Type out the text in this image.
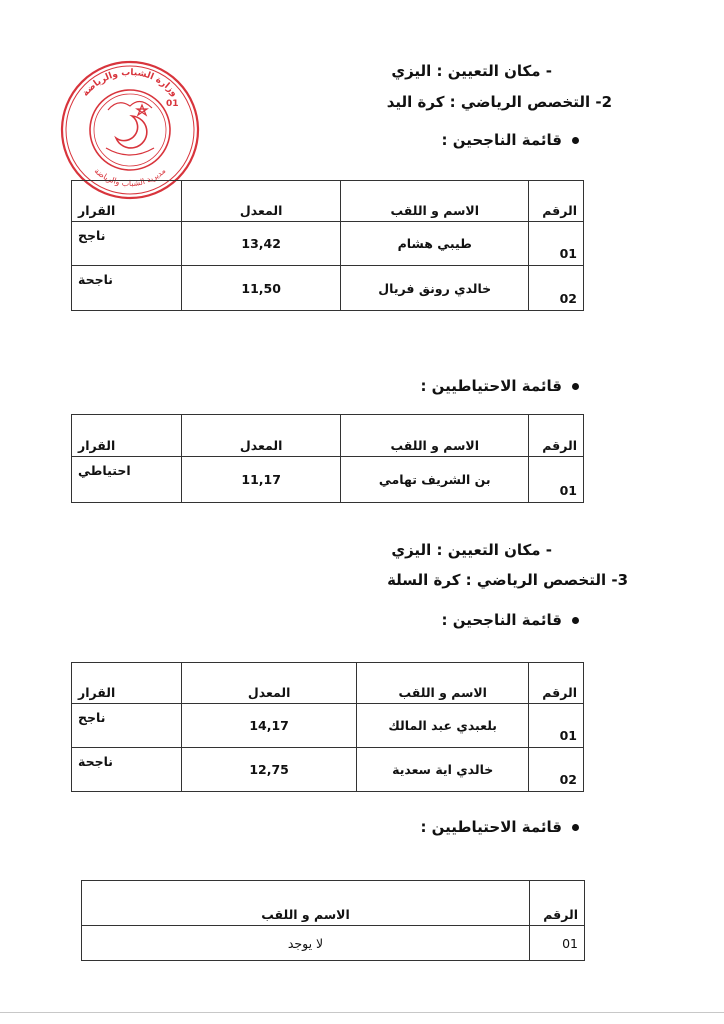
وزارة الشباب والرياضة
مديرية الشباب والرياضة
01
- مكان التعيين : اليزي
2- التخصص الرياضي : كرة اليد
قائمة الناجحين :
الرقم	الاسم و اللقب	المعدل	القرار
01	طيبي هشام	13,42	ناجح
02	خالدي رونق فريال	11,50	ناجحة
قائمة الاحتياطيين :
الرقم	الاسم و اللقب	المعدل	القرار
01	بن الشريف تهامي	11,17	احتياطي
- مكان التعيين : اليزي
3- التخصص الرياضي : كرة السلة
قائمة الناجحين :
الرقم	الاسم و اللقب	المعدل	القرار
01	بلعبدي عبد المالك	14,17	ناجح
02	خالدي اية سعدية	12,75	ناجحة
قائمة الاحتياطيين :
الرقم	الاسم و اللقب
01	لا يوجد
